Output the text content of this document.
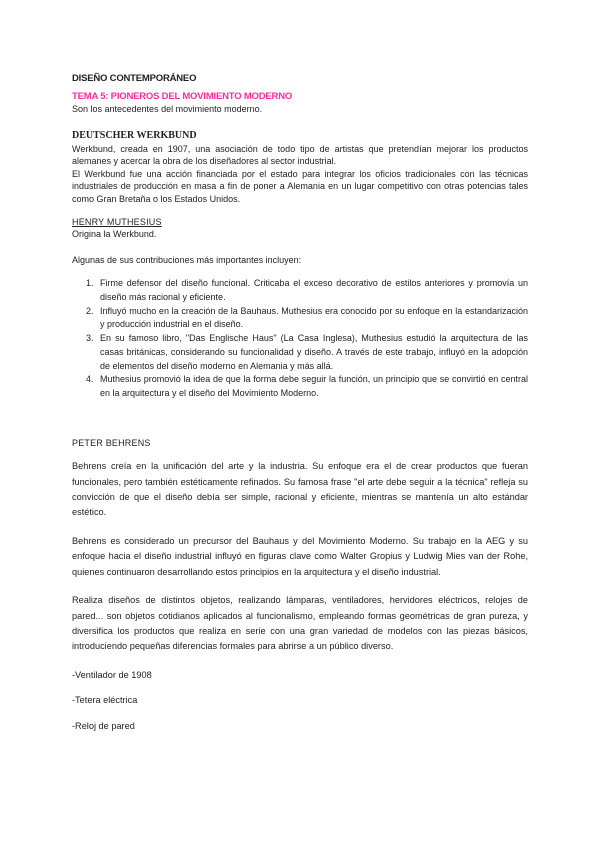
DISEÑO CONTEMPORÁNEO

TEMA 5: PIONEROS DEL MOVIMIENTO MODERNO

Son los antecedentes del movimiento moderno.

DEUTSCHER WERKBUND

Werkbund, creada en 1907, una asociación de todo tipo de artistas que pretendían mejorar los productos alemanes y acercar la obra de los diseñadores al sector industrial.

El Werkbund fue una acción financiada por el estado para integrar los oficios tradicionales con las técnicas industriales de producción en masa a fin de poner a Alemania en un lugar competitivo con otras potencias tales como Gran Bretaña o los Estados Unidos.

HENRY MUTHESIUS

Origina la Werkbund.

Algunas de sus contribuciones más importantes incluyen:

1. Firme defensor del diseño funcional. Criticaba el exceso decorativo de estilos anteriores y promovía un diseño más racional y eficiente.
2. Influyó mucho en la creación de la Bauhaus. Muthesius era conocido por su enfoque en la estandarización y producción industrial en el diseño.
3. En su famoso libro, "Das Englische Haus" (La Casa Inglesa), Muthesius estudió la arquitectura de las casas británicas, considerando su funcionalidad y diseño. A través de este trabajo, influyó en la adopción de elementos del diseño moderno en Alemania y más allá.
4. Muthesius promovió la idea de que la forma debe seguir la función, un principio que se convirtió en central en la arquitectura y el diseño del Movimiento Moderno.

PETER BEHRENS

Behrens creía en la unificación del arte y la industria. Su enfoque era el de crear productos que fueran funcionales, pero también estéticamente refinados. Su famosa frase "el arte debe seguir a la técnica" refleja su convicción de que el diseño debía ser simple, racional y eficiente, mientras se mantenía un alto estándar estético.

Behrens es considerado un precursor del Bauhaus y del Movimiento Moderno. Su trabajo en la AEG y su enfoque hacia el diseño industrial influyó en figuras clave como Walter Gropius y Ludwig Mies van der Rohe, quienes continuaron desarrollando estos principios en la arquitectura y el diseño industrial.

Realiza diseños de distintos objetos, realizando lámparas, ventiladores, hervidores eléctricos, relojes de pared... son objetos cotidianos aplicados al funcionalismo, empleando formas geométricas de gran pureza, y diversifica los productos que realiza en serie con una gran variedad de modelos con las piezas básicos, introduciendo pequeñas diferencias formales para abrirse a un público diverso.

-Ventilador de 1908

-Tetera eléctrica

-Reloj de pared
